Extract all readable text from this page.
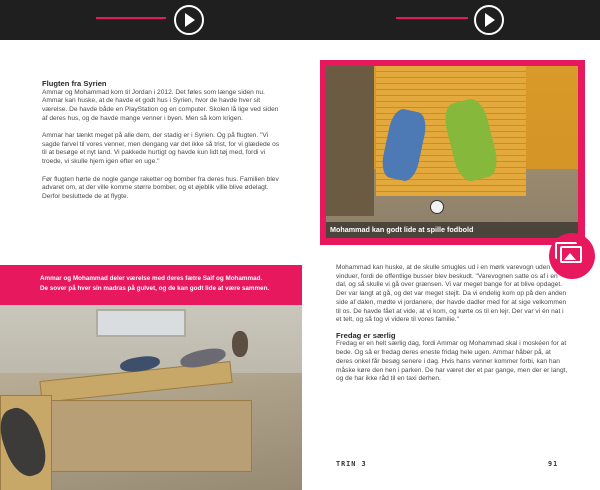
Flugten fra Syrien

Ammar og Mohammad kom til Jordan i 2012. Det føles som længe siden nu. Ammar kan huske, at de havde et godt hus i Syrien, hvor de havde hver sit værelse. De havde både en PlayStation og en computer. Skolen lå lige ved siden af deres hus, og de havde mange venner i byen. Men så kom krigen.

Ammar har tænkt meget på alle dem, der stadig er i Syrien. Og på flugten. "Vi sagde farvel til vores venner, men dengang var det ikke så trist, for vi glædede os til at besøge et nyt land. Vi pakkede hurtigt og havde kun lidt tøj med, fordi vi troede, vi skulle hjem igen efter en uge."

Før flugten hørte de nogle gange raketter og bomber fra deres hus. Familien blev advaret om, at der ville komme større bomber, og et øjeblik ville blive ødelagt. Derfor besluttede de at flygte.

Ammar og Mohammad deler værelse med deres fætre Saif og Mohammad.
De sover på hver sin madras på gulvet, og de kan godt lide at være sammen.
Mohammad kan godt lide at spille fodbold

Mohammad kan huske, at de skulle smugles ud i en mørk varevogn uden vinduer, fordi de offentlige busser blev beskudt. "Varevognen satte os af i en dal, og så skulle vi gå over grænsen. Vi var meget bange for at blive opdaget. Der var langt at gå, og det var meget stejlt. Da vi endelig kom op på den anden side af dalen, mødte vi jordanere, der havde dadler med for at sige velkommen til os. De havde fået at vide, at vi kom, og kørte os til en lejr. Der var vi én nat i et telt, og så tog vi videre til vores familie."

Fredag er særlig

Fredag er en helt særlig dag, fordi Ammar og Mohammad skal i moskéen for at bede. Og så er fredag deres eneste fridag hele ugen. Ammar håber på, at deres onkel får besøg senere i dag. Hvis hans venner kommer forbi, kan han måske køre den hen i parken. De har været der et par gange, men der er langt, og de har ikke råd til en taxi derhen.

TRIN 3	91
